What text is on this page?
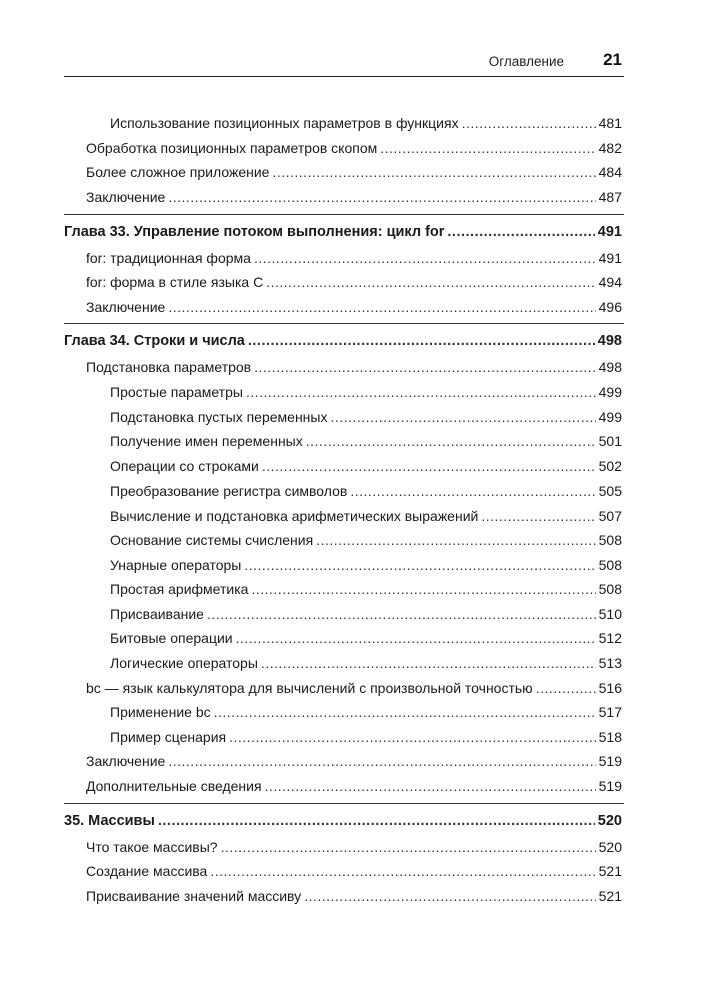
Оглавление 21
Использование позиционных параметров в функциях .....	481
Обработка позиционных параметров скопом .....	482
Более сложное приложение .....	484
Заключение .....	487
Глава 33. Управление потоком выполнения: цикл for .....	491
for: традиционная форма .....	491
for: форма в стиле языка C .....	494
Заключение .....	496
Глава 34. Строки и числа .....	498
Подстановка параметров .....	498
Простые параметры .....	499
Подстановка пустых переменных .....	499
Получение имен переменных .....	501
Операции со строками .....	502
Преобразование регистра символов .....	505
Вычисление и подстановка арифметических выражений .....	507
Основание системы счисления .....	508
Унарные операторы .....	508
Простая арифметика .....	508
Присваивание .....	510
Битовые операции .....	512
Логические операторы .....	513
bc — язык калькулятора для вычислений с произвольной точностью .....	516
Применение bc .....	517
Пример сценария .....	518
Заключение .....	519
Дополнительные сведения .....	519
35. Массивы .....	520
Что такое массивы? .....	520
Создание массива .....	521
Присваивание значений массиву .....	521
